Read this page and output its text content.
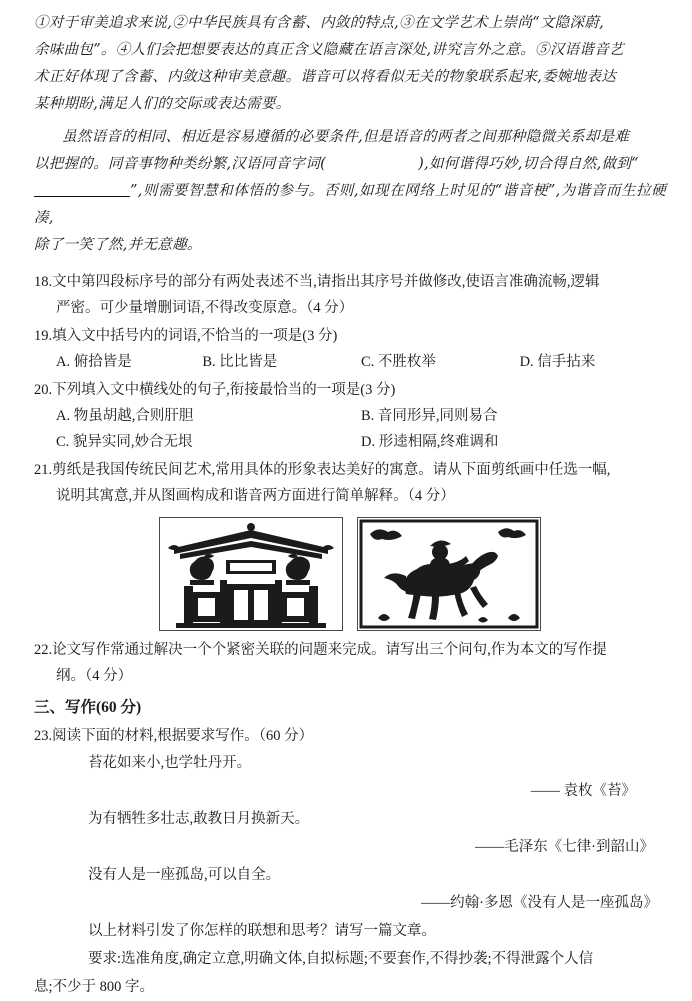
①对于审美追求来说,②中华民族具有含蓄、内敛的特点,③在文学艺术上崇尚“文隐深蔚,

余味曲包”。④人们会把想要表达的真正含义隐藏在语言深处,讲究言外之意。⑤汉语谐音艺

术正好体现了含蓄、内敛这种审美意趣。谐音可以将看似无关的物象联系起来,委婉地表达

某种期盼,满足人们的交际或表达需要。

虽然语音的相同、相近是容易遵循的必要条件,但是语音的两者之间那种隐微关系却是难

以把握的。同音事物种类纷繁,汉语同音字词(	),如何谐得巧妙,切合得自然,做到“

”,则需要智慧和体悟的参与。否则,如现在网络上时见的“谐音梗”,为谐音而生拉硬凑,

除了一笑了然,并无意趣。

18.文中第四段标序号的部分有两处表述不当,请指出其序号并做修改,使语言准确流畅,逻辑

严密。可少量增删词语,不得改变原意。（4 分）

19.填入文中括号内的词语,不恰当的一项是(3 分)

A. 俯拾皆是	B. 比比皆是	C. 不胜枚举	D. 信手拈来

20.下列填入文中横线处的句子,衔接最恰当的一项是(3 分)

A. 物虽胡越,合则肝胆	B. 音同形异,同则易合
C. 貌异实同,妙合无垠	D. 形逵相隔,终难调和

21.剪纸是我国传统民间艺术,常用具体的形象表达美好的寓意。请从下面剪纸画中任选一幅,

说明其寓意,并从图画构成和谐音两方面进行简单解释。（4 分）

22.论文写作常通过解决一个个紧密关联的问题来完成。请写出三个问句,作为本文的写作提

纲。（4 分）

三、写作(60 分)

23.阅读下面的材料,根据要求写作。（60 分）

苔花如来小,也学牡丹开。
—— 袁枚《苔》
为有牺牲多壮志,敢教日月换新天。
——毛泽东《七律·到韶山》
没有人是一座孤岛,可以自全。
——约翰·多恩《没有人是一座孤岛》
以上材料引发了你怎样的联想和思考？请写一篇文章。
要求:选准角度,确定立意,明确文体,自拟标题;不要套作,不得抄袭;不得泄露个人信
息;不少于 800 字。
